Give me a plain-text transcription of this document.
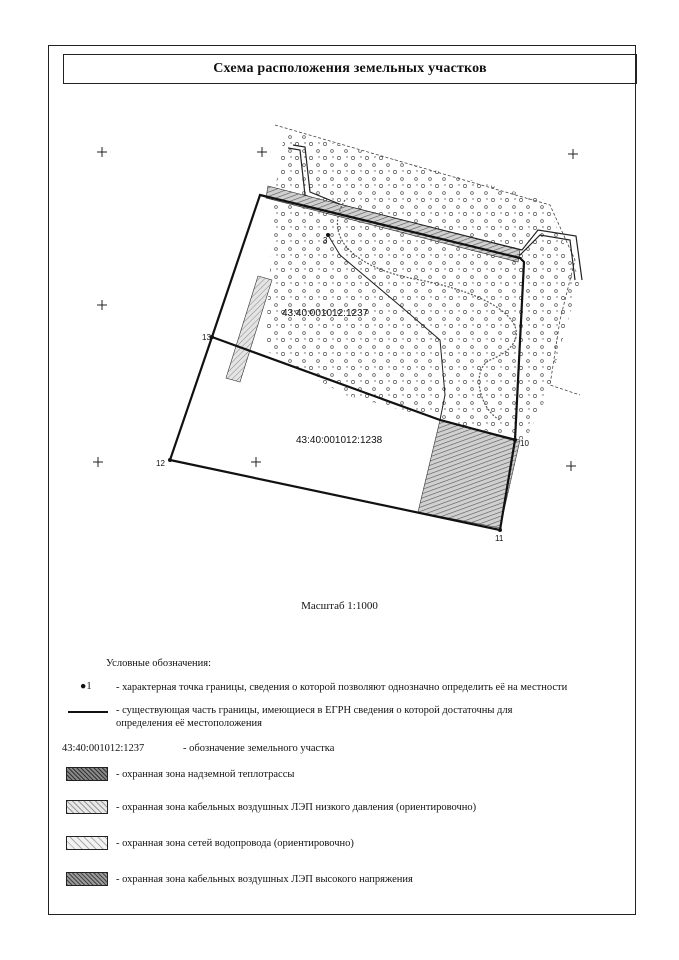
Схема расположения земельных участков
13
12
11
10
3
43:40:001012:1237
43:40:001012:1238
Масштаб 1:1000
Условные обозначения:
●1 - характерная точка границы, сведения о которой позволяют однозначно определить её на местности
- существующая часть границы, имеющиеся в ЕГРН сведения о которой достаточны для
определения её местоположения
43:40:001012:1237	- обозначение земельного участка
- охранная зона надземной теплотрассы
- охранная зона кабельных воздушных ЛЭП низкого давления (ориентировочно)
- охранная зона сетей водопровода (ориентировочно)
- охранная зона кабельных воздушных ЛЭП высокого напряжения
